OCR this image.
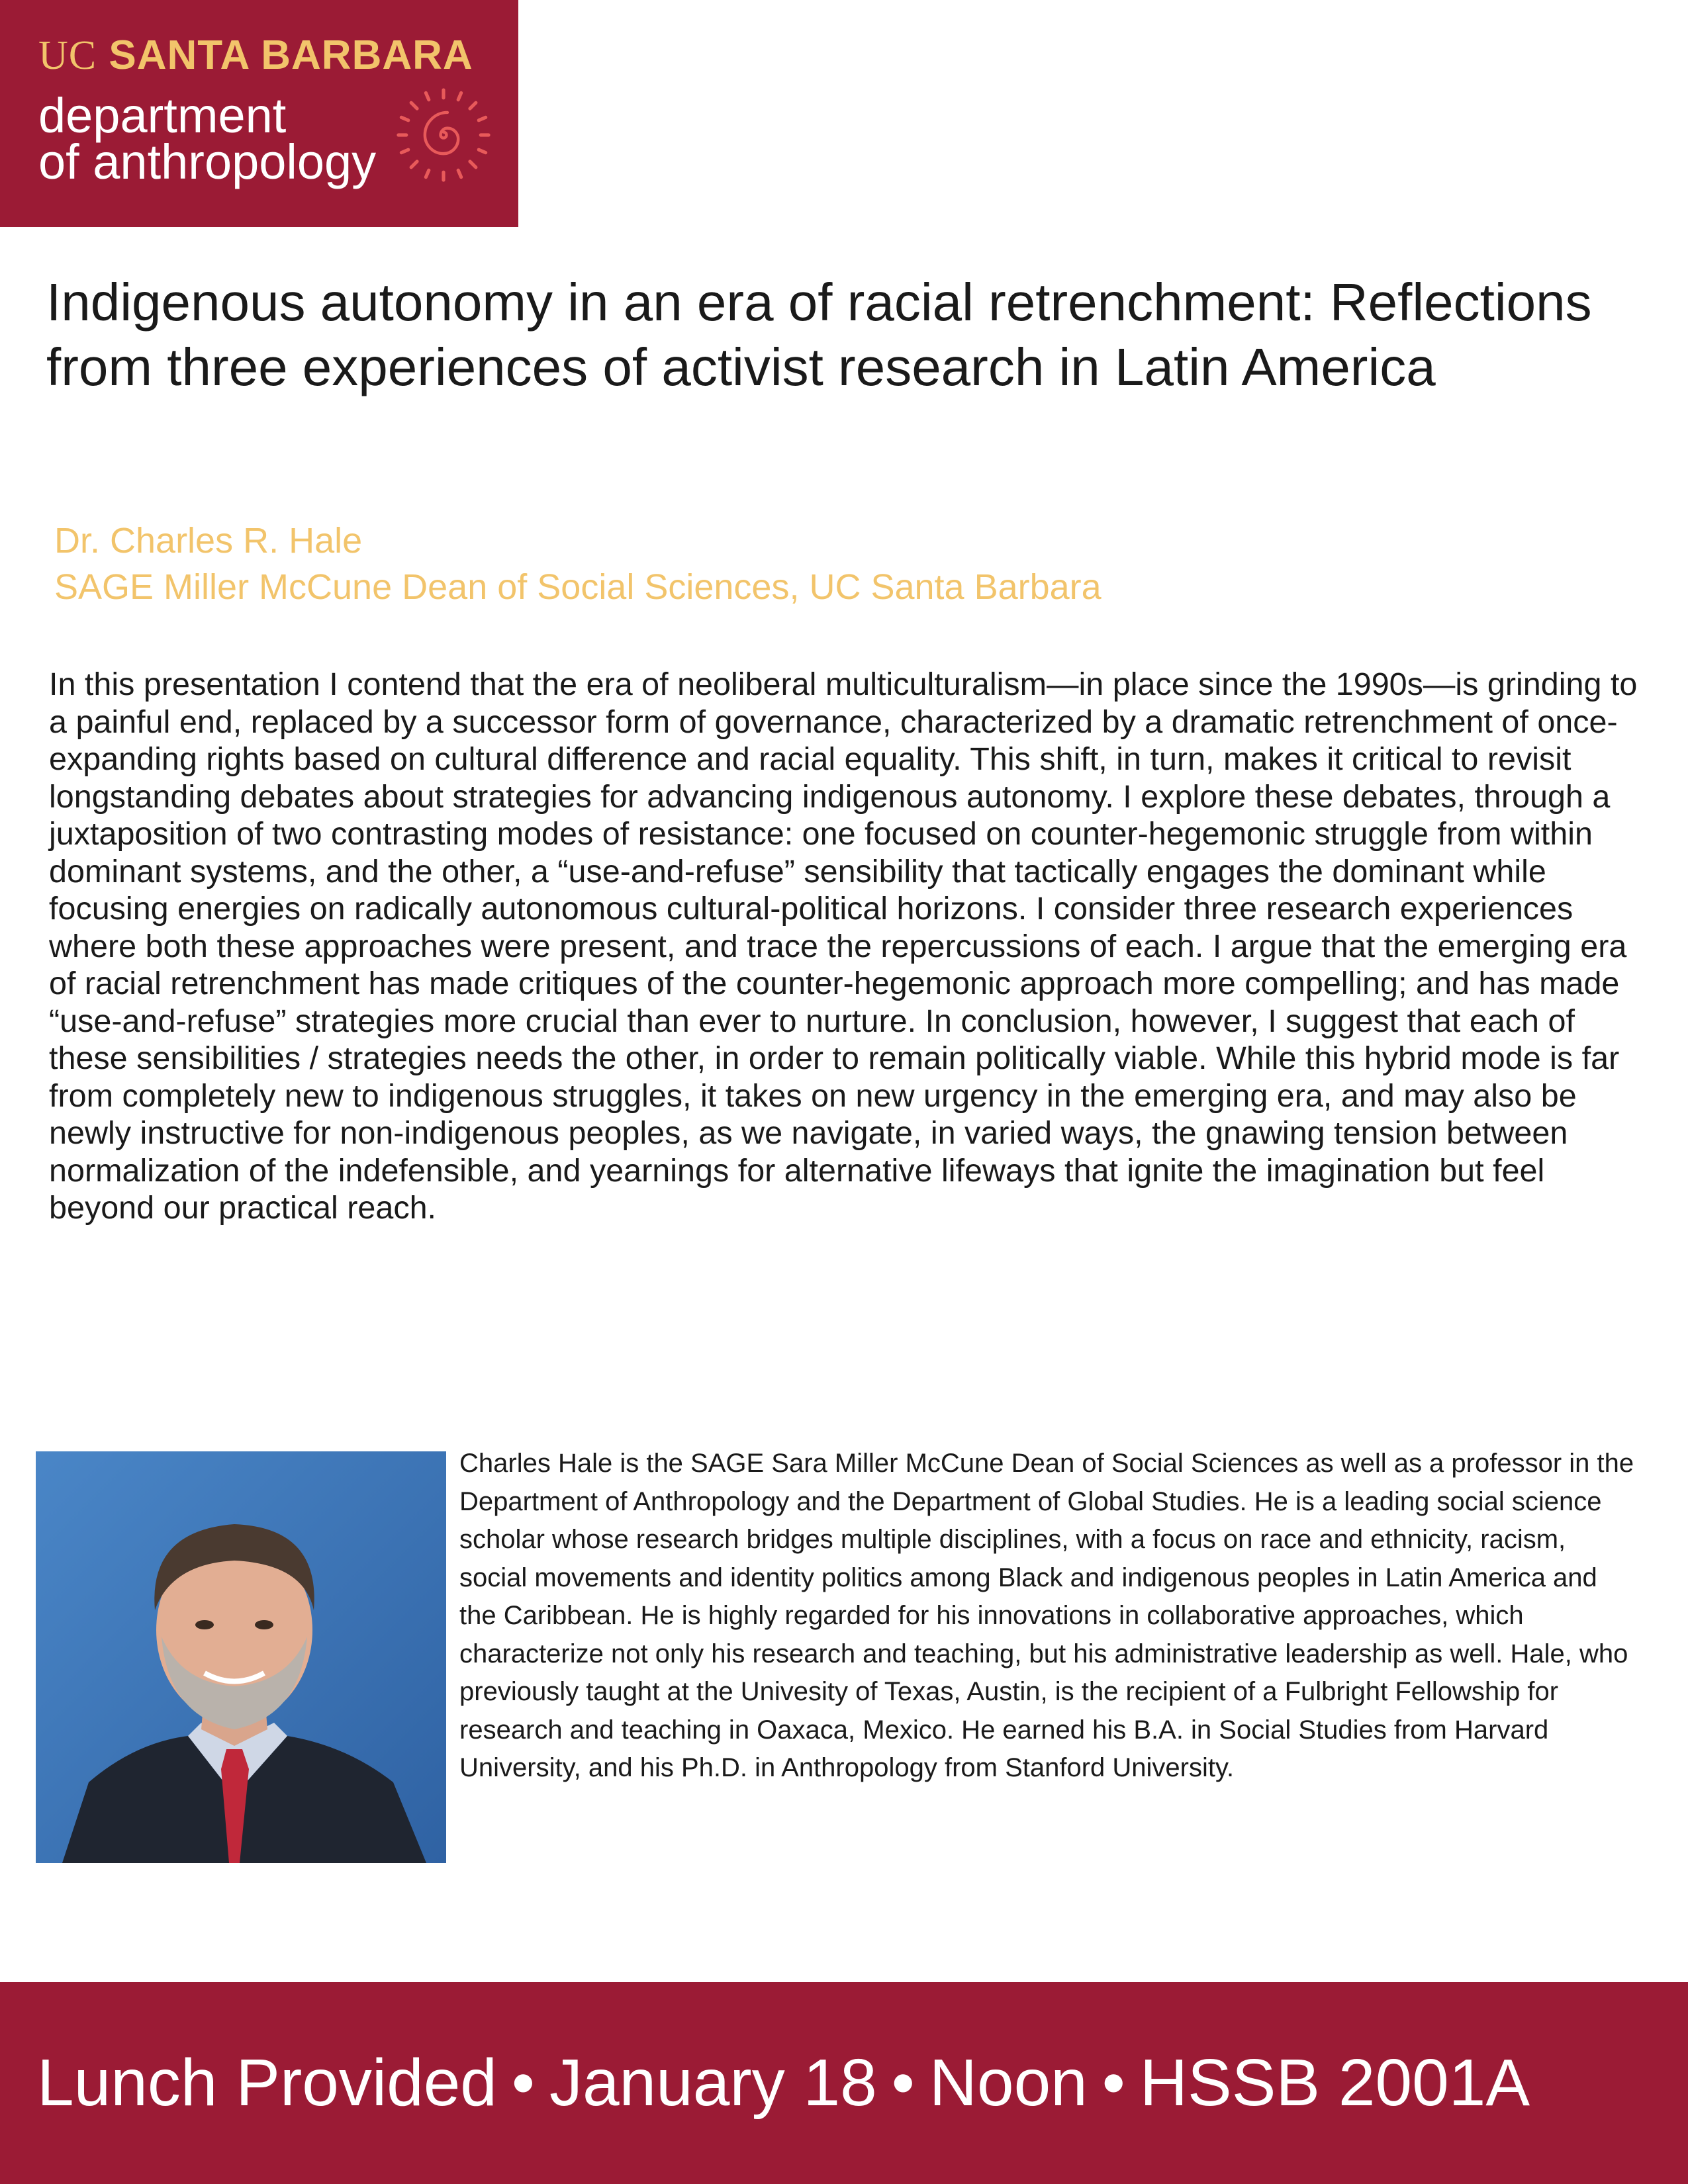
UC SANTA BARBARA
department
of anthropology
Indigenous autonomy in an era of racial retrenchment: Reflections from three experiences of activist research in Latin America
Dr. Charles R. Hale
SAGE Miller McCune Dean of Social Sciences, UC Santa Barbara

In this presentation I contend that the era of neoliberal multiculturalism—in place since the 1990s—is grinding to a painful end, replaced by a successor form of governance, characterized by a dramatic retrenchment of once-expanding rights based on cultural difference and racial equality. This shift, in turn, makes it critical to revisit longstanding debates about strategies for advancing indigenous autonomy. I explore these debates, through a juxtaposition of two contrasting modes of resistance: one focused on counter-hegemonic struggle from within dominant systems, and the other, a “use-and-refuse” sensibility that tactically engages the dominant while focusing energies on radically autonomous cultural-political horizons. I consider three research experiences where both these approaches were present, and trace the repercussions of each. I argue that the emerging era of racial retrenchment has made critiques of the counter-hegemonic approach more compelling; and has made “use-and-refuse” strategies more crucial than ever to nurture. In conclusion, however, I suggest that each of these sensibilities / strategies needs the other, in order to remain politically viable. While this hybrid mode is far from completely new to indigenous struggles, it takes on new urgency in the emerging era, and may also be newly instructive for non-indigenous peoples, as we navigate, in varied ways, the gnawing tension between normalization of the indefensible, and yearnings for alternative lifeways that ignite the imagination but feel beyond our practical reach.

Charles Hale is the SAGE Sara Miller McCune Dean of Social Sciences as well as a professor in the Department of Anthropology and the Department of Global Studies. He is a leading social science scholar whose research bridges multiple disciplines, with a focus on race and ethnicity, racism, social movements and identity politics among Black and indigenous peoples in Latin America and the Caribbean. He is highly regarded for his innovations in collaborative approaches, which characterize not only his research and teaching, but his administrative leadership as well. Hale, who previously taught at the Univesity of Texas, Austin, is the recipient of a Fulbright Fellowship for research and teaching in Oaxaca, Mexico. He earned his B.A. in Social Studies from Harvard University, and his Ph.D. in Anthropology from Stanford University.

Lunch Provided • January 18 • Noon • HSSB 2001A
